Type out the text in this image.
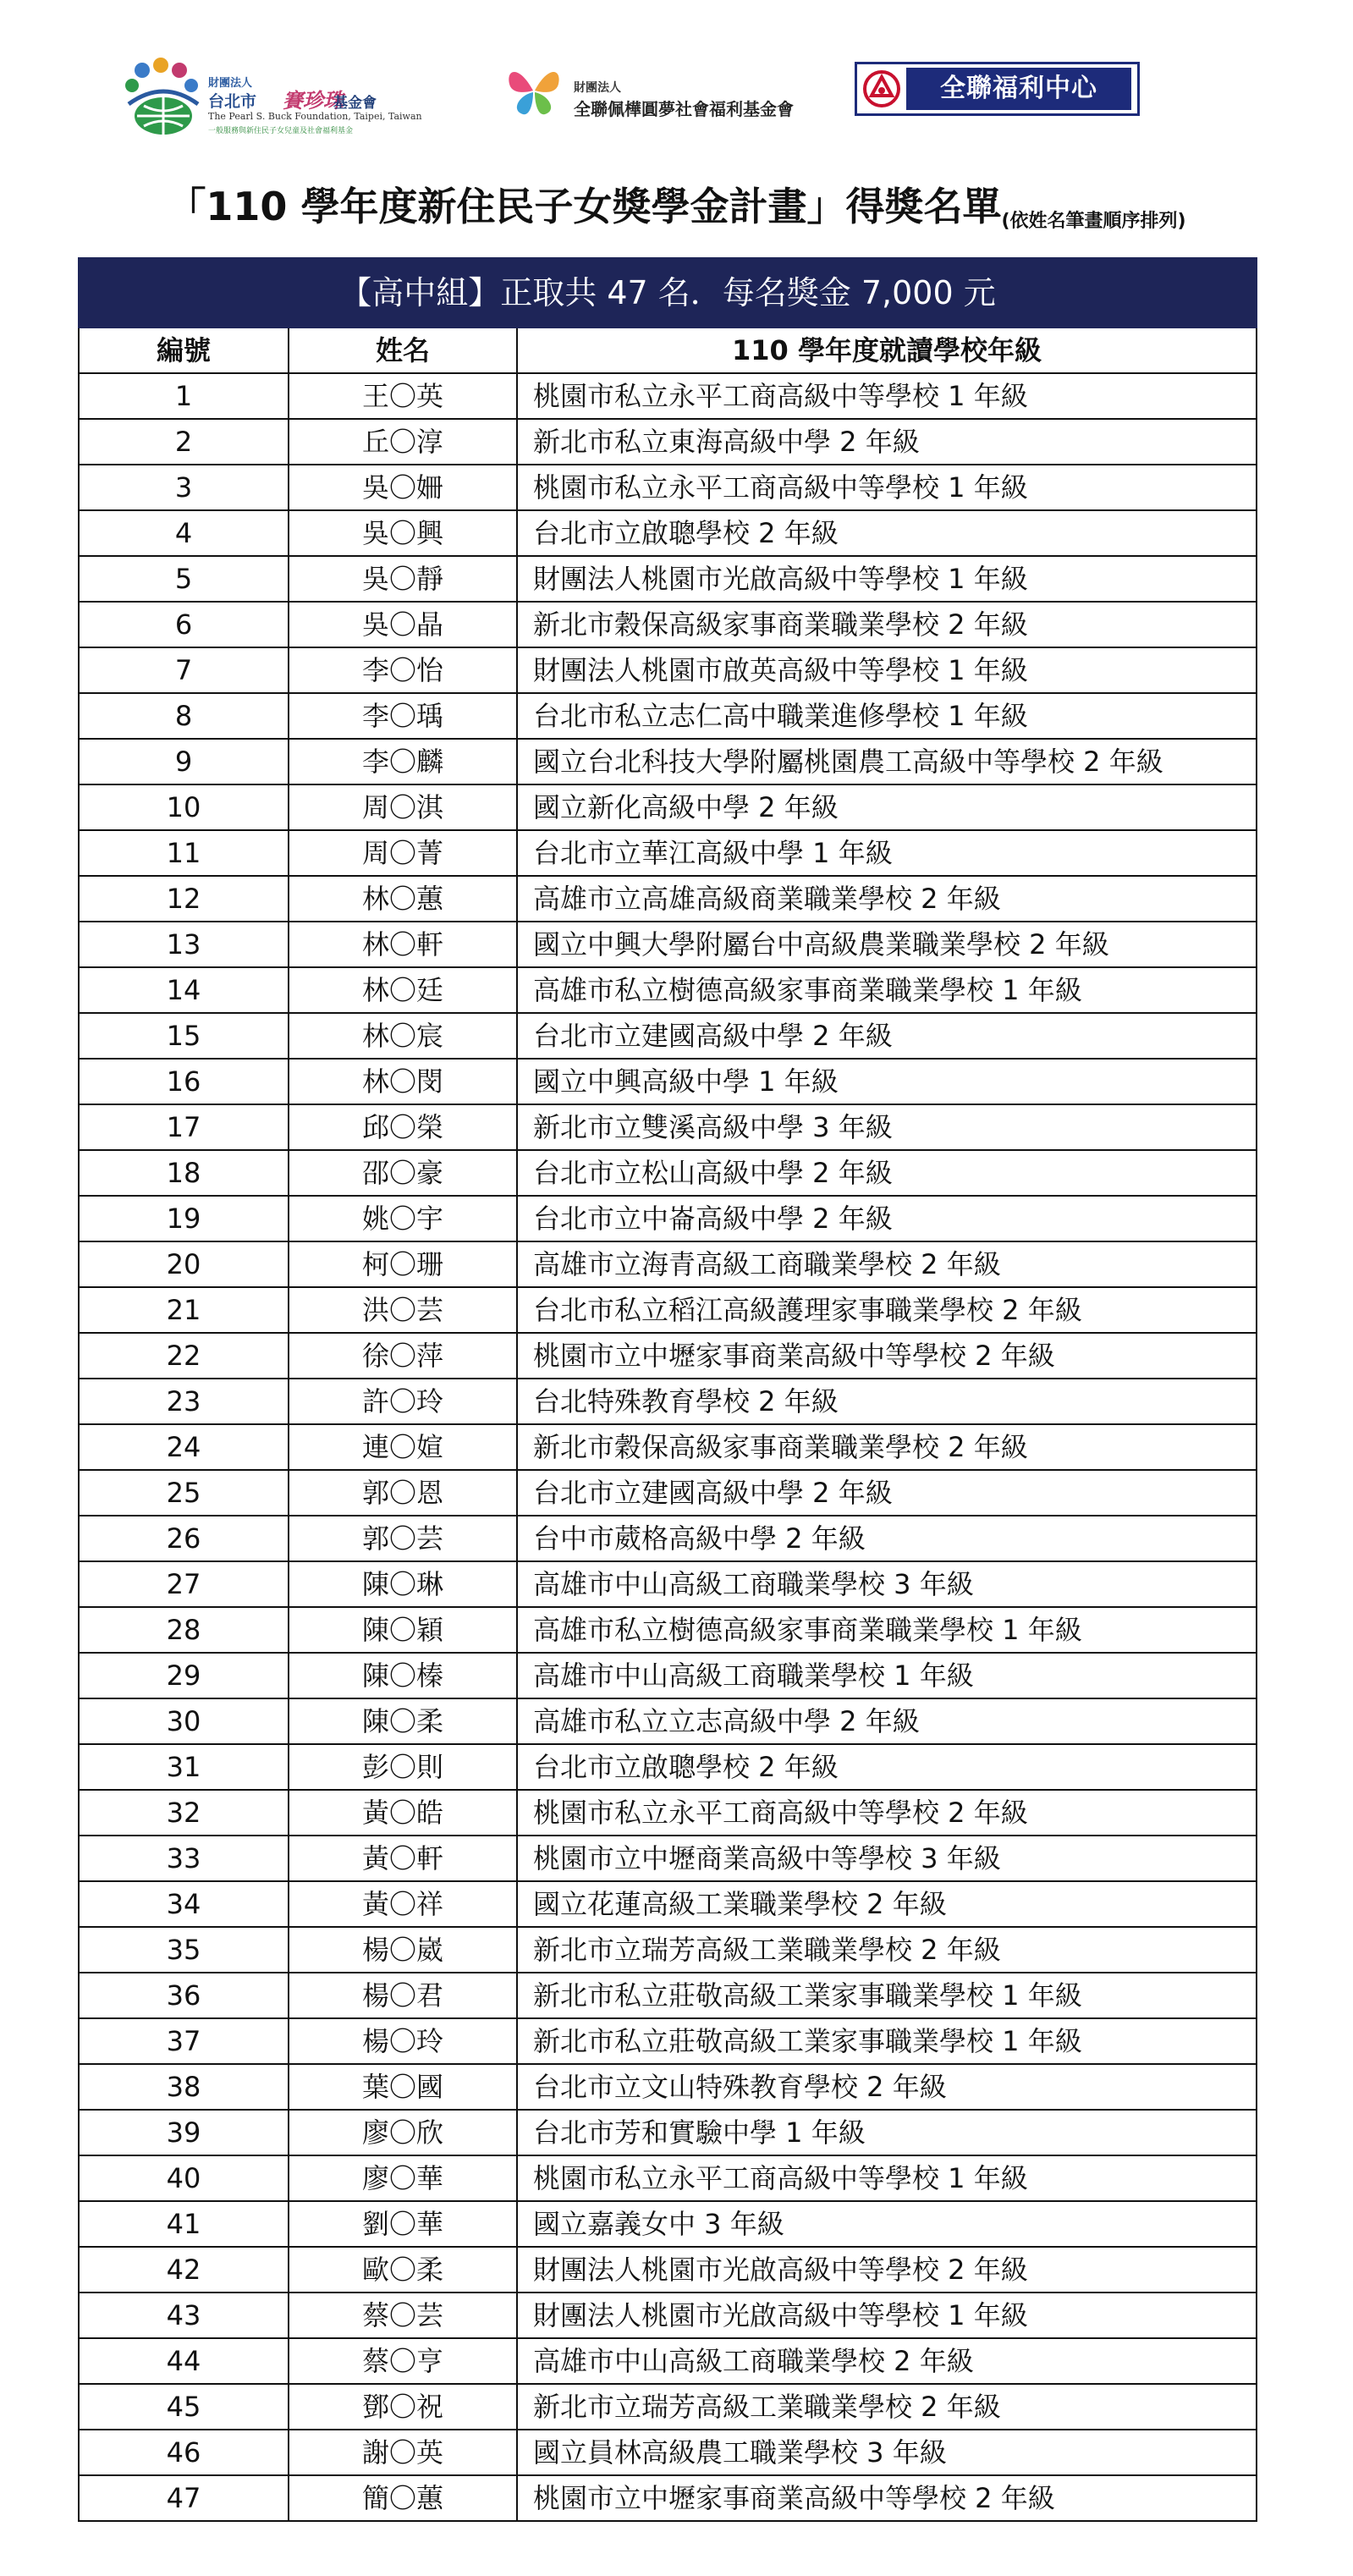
財團法人
台北市 賽珍珠
基金會
The Pearl S. Buck Foundation, Taipei, Taiwan
一般服務與新住民子女兒童及社會福利基金
財團法人
全聯佩樺圓夢社會福利基金會
全聯福利中心
「110 學年度新住民子女獎學金計畫」得獎名單(依姓名筆畫順序排列)
【高中組】正取共 47 名．每名獎金 7,000 元		
編號	姓名	110 學年度就讀學校年級
1	王〇英	桃園市私立永平工商高級中等學校 1 年級
2	丘〇淳	新北市私立東海高級中學 2 年級
3	吳〇姍	桃園市私立永平工商高級中等學校 1 年級
4	吳〇興	台北市立啟聰學校 2 年級
5	吳〇靜	財團法人桃園市光啟高級中等學校 1 年級
6	吳〇晶	新北市穀保高級家事商業職業學校 2 年級
7	李〇怡	財團法人桃園市啟英高級中等學校 1 年級
8	李〇瑀	台北市私立志仁高中職業進修學校 1 年級
9	李〇麟	國立台北科技大學附屬桃園農工高級中等學校 2 年級
10	周〇淇	國立新化高級中學 2 年級
11	周〇菁	台北市立華江高級中學 1 年級
12	林〇蕙	高雄市立高雄高級商業職業學校 2 年級
13	林〇軒	國立中興大學附屬台中高級農業職業學校 2 年級
14	林〇廷	高雄市私立樹德高級家事商業職業學校 1 年級
15	林〇宸	台北市立建國高級中學 2 年級
16	林〇閔	國立中興高級中學 1 年級
17	邱〇榮	新北市立雙溪高級中學 3 年級
18	邵〇豪	台北市立松山高級中學 2 年級
19	姚〇宇	台北市立中崙高級中學 2 年級
20	柯〇珊	高雄市立海青高級工商職業學校 2 年級
21	洪〇芸	台北市私立稻江高級護理家事職業學校 2 年級
22	徐〇萍	桃園市立中壢家事商業高級中等學校 2 年級
23	許〇玲	台北特殊教育學校 2 年級
24	連〇媗	新北市穀保高級家事商業職業學校 2 年級
25	郭〇恩	台北市立建國高級中學 2 年級
26	郭〇芸	台中市葳格高級中學 2 年級
27	陳〇琳	高雄市中山高級工商職業學校 3 年級
28	陳〇穎	高雄市私立樹德高級家事商業職業學校 1 年級
29	陳〇榛	高雄市中山高級工商職業學校 1 年級
30	陳〇柔	高雄市私立立志高級中學 2 年級
31	彭〇則	台北市立啟聰學校 2 年級
32	黃〇皓	桃園市私立永平工商高級中等學校 2 年級
33	黃〇軒	桃園市立中壢商業高級中等學校 3 年級
34	黃〇祥	國立花蓮高級工業職業學校 2 年級
35	楊〇崴	新北市立瑞芳高級工業職業學校 2 年級
36	楊〇君	新北市私立莊敬高級工業家事職業學校 1 年級
37	楊〇玲	新北市私立莊敬高級工業家事職業學校 1 年級
38	葉〇國	台北市立文山特殊教育學校 2 年級
39	廖〇欣	台北市芳和實驗中學 1 年級
40	廖〇華	桃園市私立永平工商高級中等學校 1 年級
41	劉〇華	國立嘉義女中 3 年級
42	歐〇柔	財團法人桃園市光啟高級中等學校 2 年級
43	蔡〇芸	財團法人桃園市光啟高級中等學校 1 年級
44	蔡〇亨	高雄市中山高級工商職業學校 2 年級
45	鄧〇祝	新北市立瑞芳高級工業職業學校 2 年級
46	謝〇英	國立員林高級農工職業學校 3 年級
47	簡〇蕙	桃園市立中壢家事商業高級中等學校 2 年級
